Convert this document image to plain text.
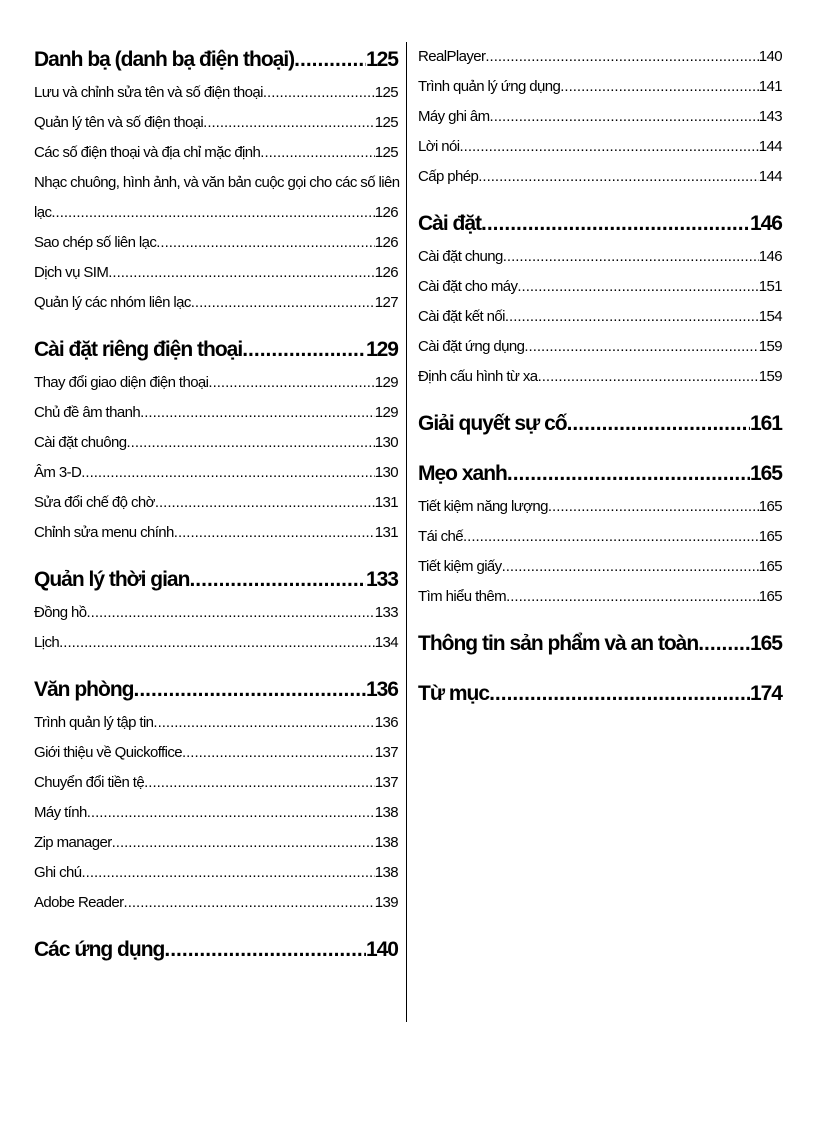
Danh bạ (danh bạ điện thoại) .....	125
Lưu và chỉnh sửa tên và số điện thoại .....	125
Quản lý tên và số điện thoại .....	125
Các số điện thoại và địa chỉ mặc định .....	125
Nhạc chuông, hình ảnh, và văn bản cuộc gọi cho các số liên
lạc .....	126
Sao chép số liên lạc .....	126
Dịch vụ SIM .....	126
Quản lý các nhóm liên lạc .....	127
Cài đặt riêng điện thoại .....	129
Thay đổi giao diện điện thoại .....	129
Chủ đề âm thanh .....	129
Cài đặt chuông .....	130
Âm 3-D .....	130
Sửa đổi chế độ chờ .....	131
Chỉnh sửa menu chính .....	131
Quản lý thời gian .....	133
Đồng hồ .....	133
Lịch .....	134
Văn phòng .....	136
Trình quản lý tập tin .....	136
Giới thiệu về Quickoffice .....	137
Chuyển đổi tiền tệ .....	137
Máy tính .....	138
Zip manager .....	138
Ghi chú .....	138
Adobe Reader .....	139
Các ứng dụng .....	140
RealPlayer .....	140
Trình quản lý ứng dụng .....	141
Máy ghi âm .....	143
Lời nói .....	144
Cấp phép .....	144
Cài đặt .....	146
Cài đặt chung .....	146
Cài đặt cho máy .....	151
Cài đặt kết nối .....	154
Cài đặt ứng dụng .....	159
Định cấu hình từ xa .....	159
Giải quyết sự cố .....	161
Mẹo xanh .....	165
Tiết kiệm năng lượng .....	165
Tái chế .....	165
Tiết kiệm giấy .....	165
Tìm hiểu thêm .....	165
Thông tin sản phẩm và an toàn ..... 165
Từ mục .....	174
